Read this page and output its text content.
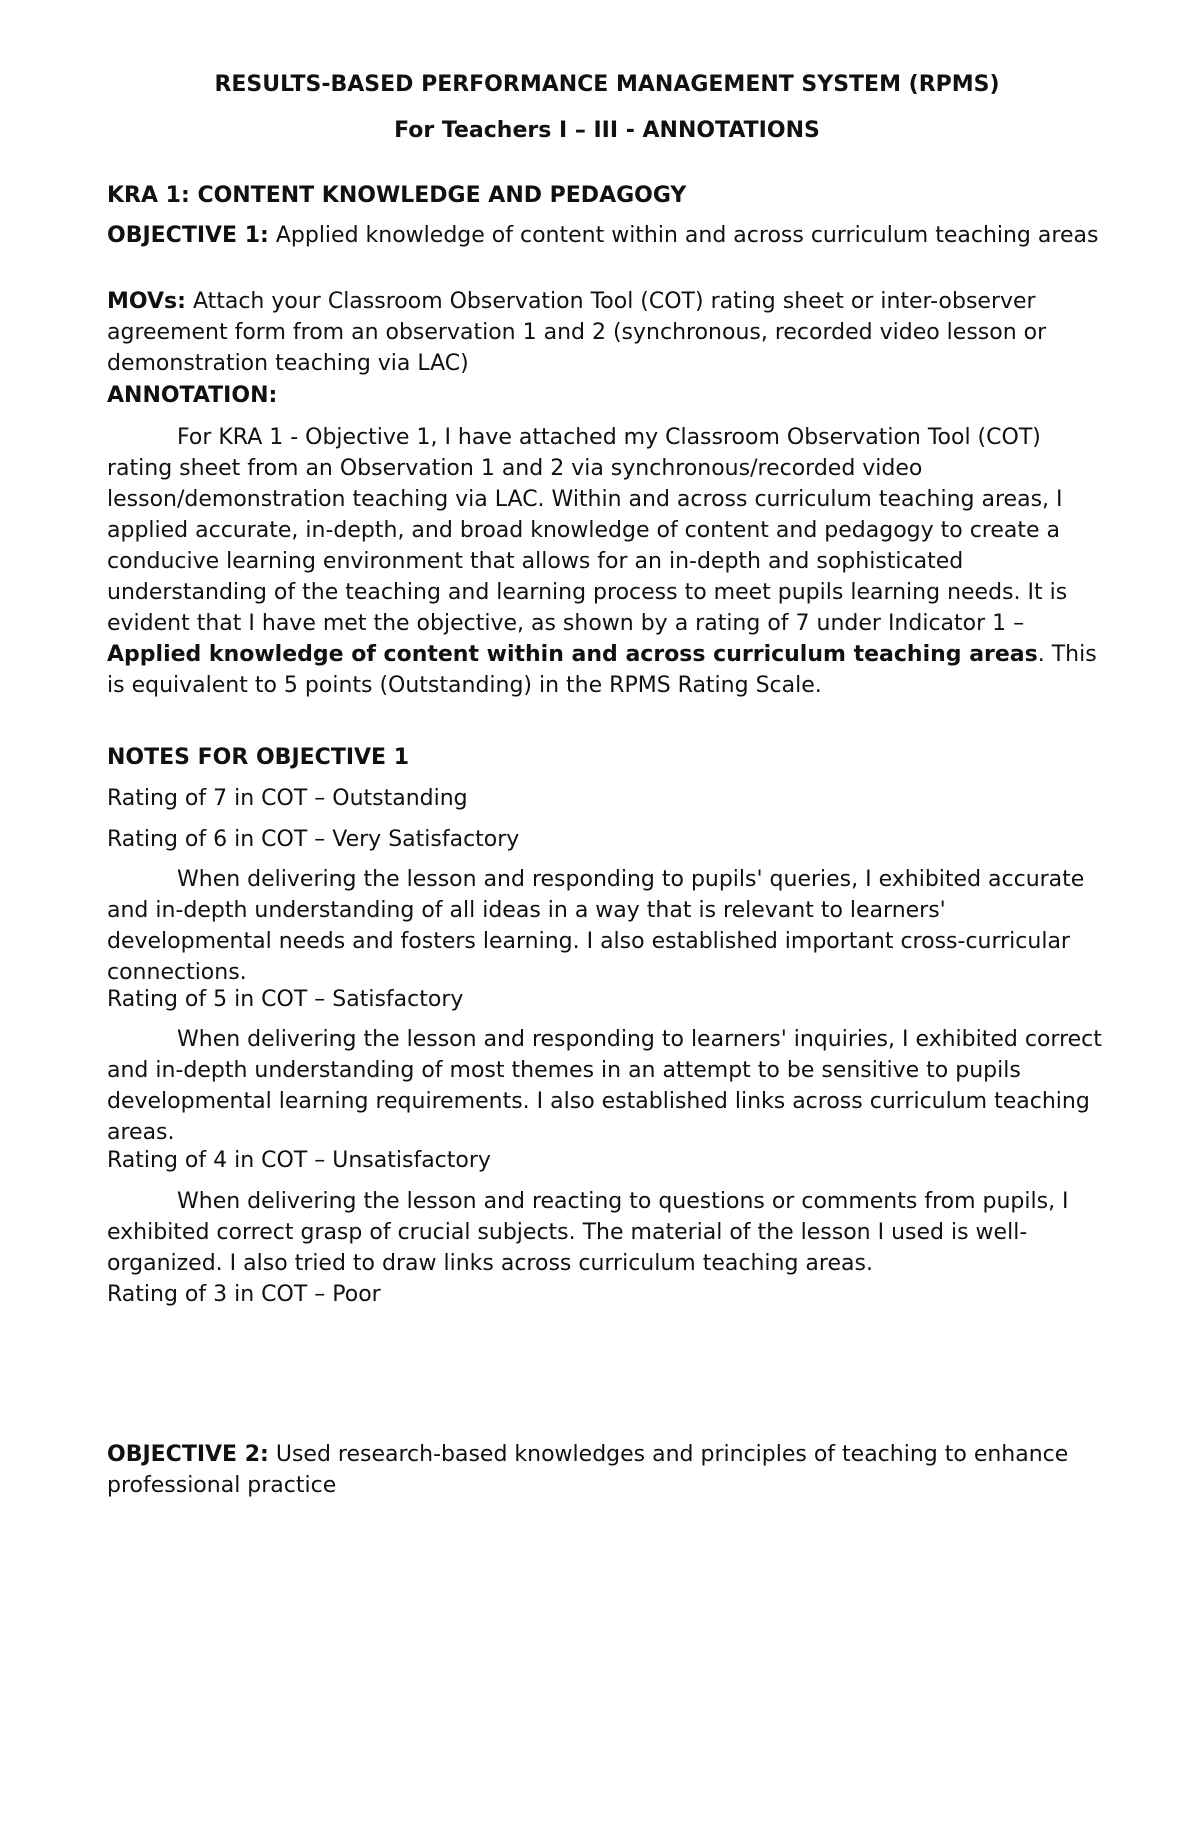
RESULTS-BASED PERFORMANCE MANAGEMENT SYSTEM (RPMS)

For Teachers I – III - ANNOTATIONS

KRA 1: CONTENT KNOWLEDGE AND PEDAGOGY

OBJECTIVE 1: Applied knowledge of content within and across curriculum teaching areas

MOVs: Attach your Classroom Observation Tool (COT) rating sheet or inter-observer agreement form from an observation 1 and 2 (synchronous, recorded video lesson or demonstration teaching via LAC)

ANNOTATION:

For KRA 1 - Objective 1, I have attached my Classroom Observation Tool (COT) rating sheet from an Observation 1 and 2 via synchronous/recorded video lesson/demonstration teaching via LAC. Within and across curriculum teaching areas, I applied accurate, in-depth, and broad knowledge of content and pedagogy to create a conducive learning environment that allows for an in-depth and sophisticated understanding of the teaching and learning process to meet pupils learning needs. It is evident that I have met the objective, as shown by a rating of 7 under Indicator 1 – Applied knowledge of content within and across curriculum teaching areas. This is equivalent to 5 points (Outstanding) in the RPMS Rating Scale.

NOTES FOR OBJECTIVE 1

Rating of 7 in COT – Outstanding

Rating of 6 in COT – Very Satisfactory

When delivering the lesson and responding to pupils' queries, I exhibited accurate and in-depth understanding of all ideas in a way that is relevant to learners' developmental needs and fosters learning. I also established important cross-curricular connections.

Rating of 5 in COT – Satisfactory

When delivering the lesson and responding to learners' inquiries, I exhibited correct and in-depth understanding of most themes in an attempt to be sensitive to pupils developmental learning requirements. I also established links across curriculum teaching areas.

Rating of 4 in COT – Unsatisfactory

When delivering the lesson and reacting to questions or comments from pupils, I exhibited correct grasp of crucial subjects. The material of the lesson I used is well-organized. I also tried to draw links across curriculum teaching areas.

Rating of 3 in COT – Poor

OBJECTIVE 2: Used research-based knowledges and principles of teaching to enhance professional practice
